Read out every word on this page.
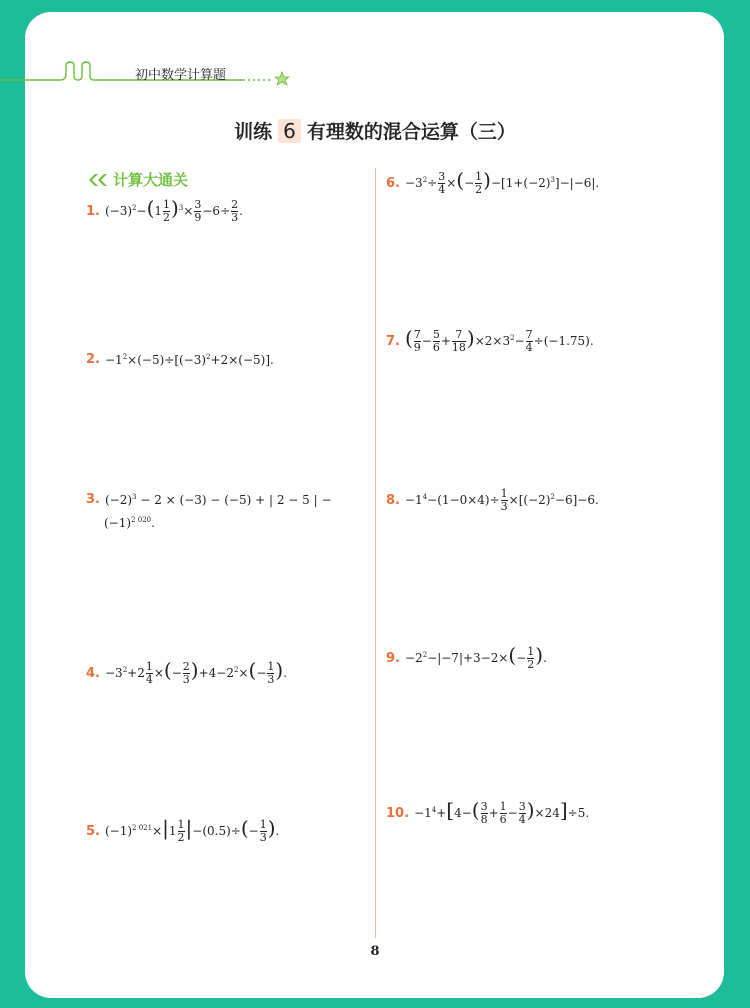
初中数学计算题
训练 6 有理数的混合运算（三）
计算大通关
1. $(-3)^2-(1 \frac{1}{2} )^3\times \frac{3}{9} -6\div \frac{2}{3}$ .
2. $-1^2\times(-5)\div[(-3)^2+2\times(-5)]$.
3. $(-2)^3 - 2 \times (-3) - (-5)$ + | 2 − 5 | −
$(-1)^{2 020}$.
4. $-3^2+2 \frac{1}{4}$ ×(− $\frac{2}{3} )+4-2^2\times(- \frac{1}{3}$ ).
5. $(-1)^{2 021}\times|1 \frac{1}{2} |-(0.5)\div(- \frac{1}{3}$ ).
6. $-3^2\div \frac{3}{4}$ ×(− $\frac{1}{2} )-[1+(-2)^3]-|-6|$.
7. ( $\frac{7}{9} - \frac{5}{6} + \frac{7}{18} )\times 2\times 3^2- \frac{7}{4} \div(-1.75)$.
8. $-1^4-(1-0\times 4)\div \frac{1}{3} \times[(-2)^2-6]-6$.
9. $-2^2-|-7|+3-2\times(- \frac{1}{2}$ ).
10. $-1^4+[4-( \frac{3}{8} + \frac{1}{6} - \frac{3}{4} )\times 24]\div 5$.
8
